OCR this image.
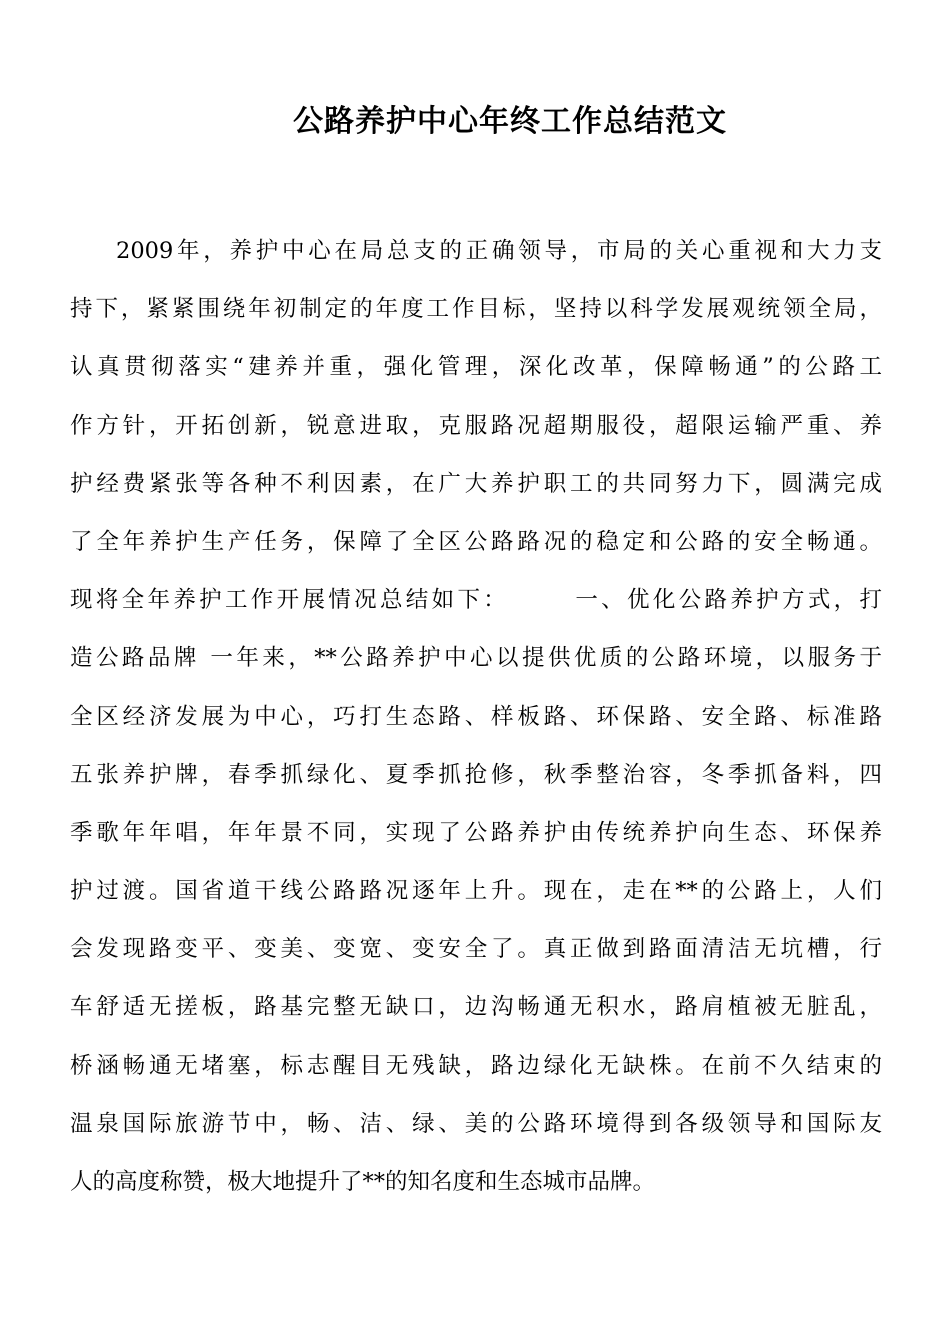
公路养护中心年终工作总结范文
2009年，养护中心在局总支的正确领导，市局的关心重视和大力支
持下，紧紧围绕年初制定的年度工作目标，坚持以科学发展观统领全局，
认真贯彻落实“建养并重，强化管理，深化改革，保障畅通”的公路工
作方针，开拓创新，锐意进取，克服路况超期服役，超限运输严重、养
护经费紧张等各种不利因素，在广大养护职工的共同努力下，圆满完成
了全年养护生产任务，保障了全区公路路况的稳定和公路的安全畅通。
现将全年养护工作开展情况总结如下：　　　一、优化公路养护方式，打
造公路品牌 一年来，**公路养护中心以提供优质的公路环境，以服务于
全区经济发展为中心，巧打生态路、样板路、环保路、安全路、标准路
五张养护牌，春季抓绿化、夏季抓抢修，秋季整治容，冬季抓备料，四
季歌年年唱，年年景不同，实现了公路养护由传统养护向生态、环保养
护过渡。国省道干线公路路况逐年上升。现在，走在**的公路上，人们
会发现路变平、变美、变宽、变安全了。真正做到路面清洁无坑槽，行
车舒适无搓板，路基完整无缺口，边沟畅通无积水，路肩植被无脏乱，
桥涵畅通无堵塞，标志醒目无残缺，路边绿化无缺株。在前不久结束的
温泉国际旅游节中，畅、洁、绿、美的公路环境得到各级领导和国际友
人的高度称赞，极大地提升了**的知名度和生态城市品牌。
